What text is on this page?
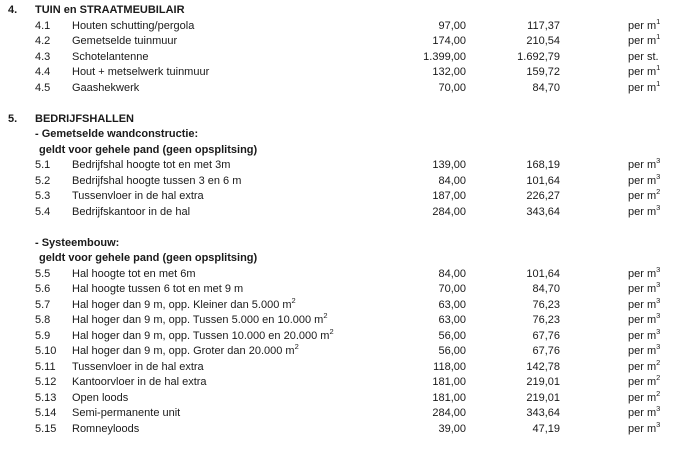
4.	TUIN en STRAATMEUBILAIR
4.1	Houten schutting/pergola	97,00	117,37	per $m^1$
4.2	Gemetselde tuinmuur	174,00	210,54	per $m^1$
4.3	Schotelantenne	1.399,00	1.692,79	per st.
4.4	Hout + metselwerk tuinmuur	132,00	159,72	per $m^1$
4.5	Gaashekwerk	70,00	84,70	per $m^1$
5.	BEDRIJFSHALLEN
- Gemetselde wandconstructie:
geldt voor gehele pand (geen opsplitsing)
5.1	Bedrijfshal hoogte tot en met 3m	139,00	168,19	per $m^3$
5.2	Bedrijfshal hoogte tussen 3 en 6 m	84,00	101,64	per $m^3$
5.3	Tussenvloer in de hal extra	187,00	226,27	per $m^2$
5.4	Bedrijfskantoor in de hal	284,00	343,64	per $m^3$
- Systeembouw:
geldt voor gehele pand (geen opsplitsing)
5.5	Hal hoogte tot en met 6m	84,00	101,64	per $m^3$
5.6	Hal hoogte tussen 6 tot en met 9 m	70,00	84,70	per $m^3$
5.7	Hal hoger dan 9 m, opp. Kleiner dan 5.000 $m^2$	63,00	76,23	per $m^3$
5.8	Hal hoger dan 9 m, opp. Tussen 5.000 en 10.000 $m^2$	63,00	76,23	per $m^3$
5.9	Hal hoger dan 9 m, opp. Tussen 10.000 en 20.000 $m^2$	56,00	67,76	per $m^3$
5.10	Hal hoger dan 9 m, opp. Groter dan 20.000 $m^2$	56,00	67,76	per $m^3$
5.11	Tussenvloer in de hal extra	118,00	142,78	per $m^2$
5.12	Kantoorvloer in de hal extra	181,00	219,01	per $m^2$
5.13	Open loods	181,00	219,01	per $m^2$
5.14	Semi-permanente unit	284,00	343,64	per $m^3$
5.15	Romneyloods	39,00	47,19	per $m^3$
